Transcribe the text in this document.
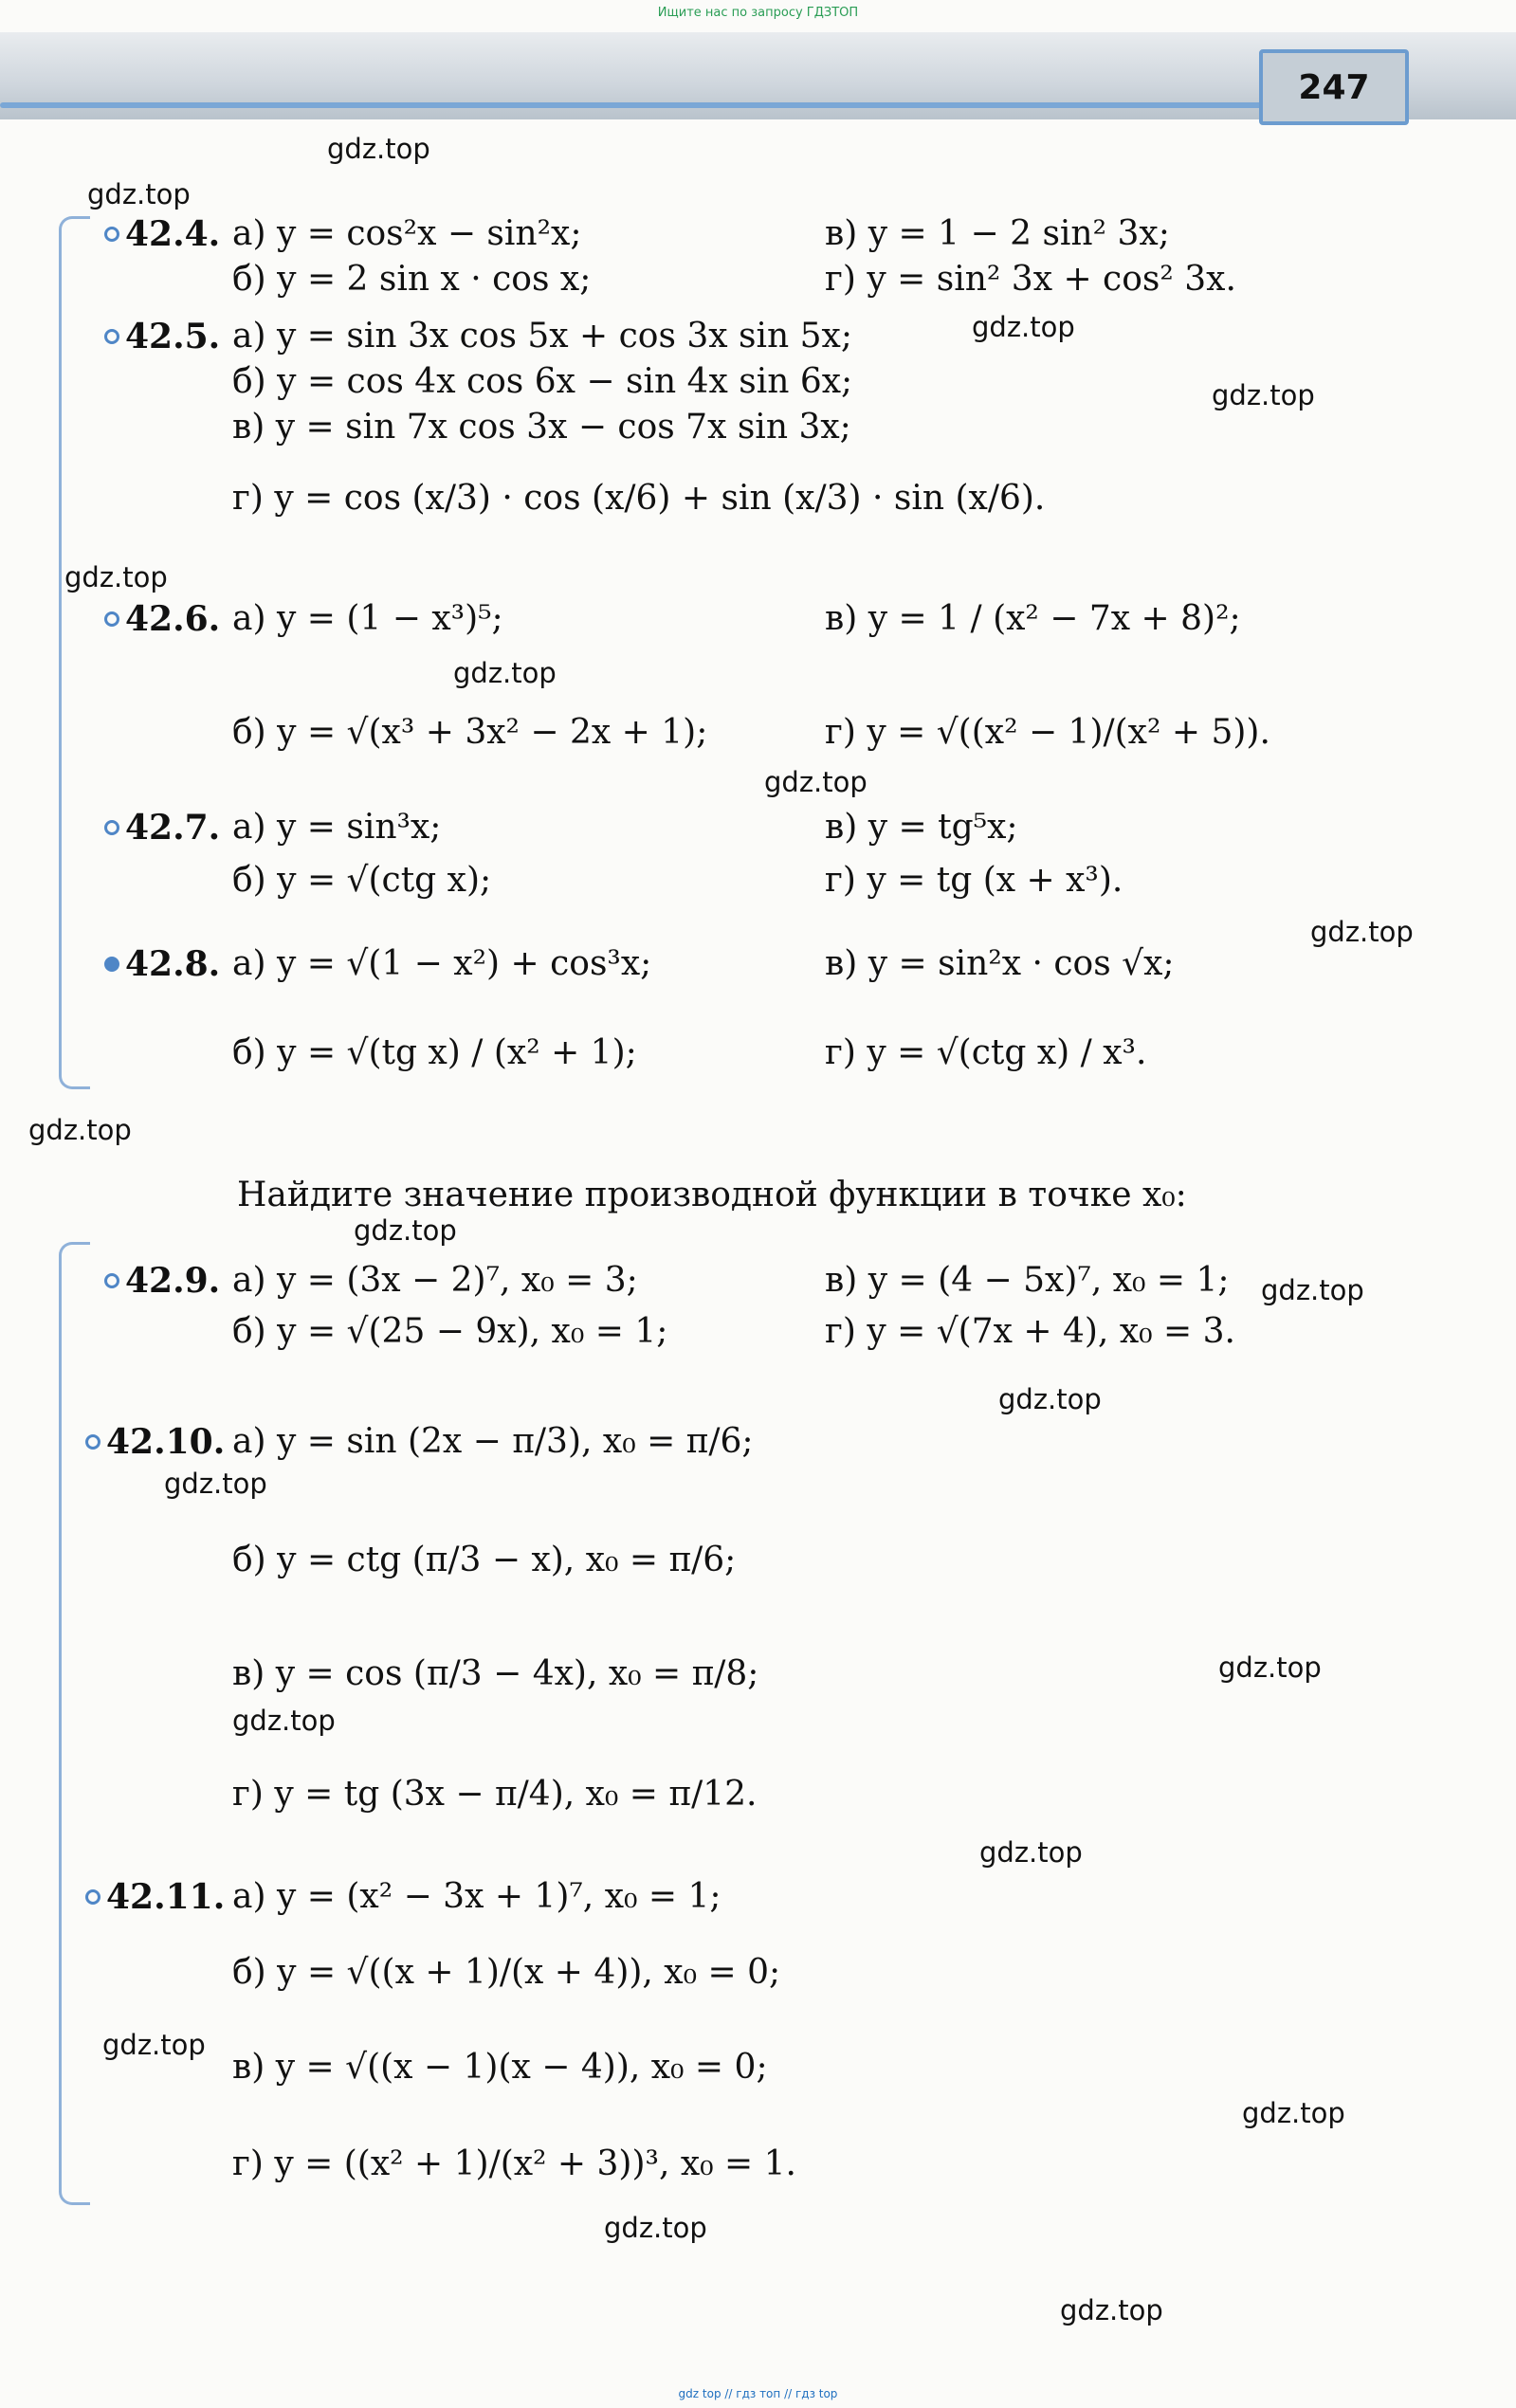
Ищите нас по запросу ГДЗТОП
247
gdz.top
gdz.top
gdz.top
gdz.top
gdz.top
gdz.top
gdz.top
gdz.top
gdz.top
gdz.top
gdz.top
gdz.top
gdz.top
gdz.top
gdz.top
gdz.top
gdz.top
gdz.top
gdz.top
gdz.top
42.4. а) y = cos²x − sin²x;	в) y = 1 − 2 sin² 3x;
б) y = 2 sin x · cos x;	г) y = sin² 3x + cos² 3x.
42.5. а) y = sin 3x cos 5x + cos 3x sin 5x;
б) y = cos 4x cos 6x − sin 4x sin 6x;
в) y = sin 7x cos 3x − cos 7x sin 3x;
г) y = cos (x/3) · cos (x/6) + sin (x/3) · sin (x/6).
42.6. а) y = (1 − x³)⁵;	в) y = 1 / (x² − 7x + 8)²;
б) y = √(x³ + 3x² − 2x + 1);	г) y = √((x² − 1)/(x² + 5)).
42.7. а) y = sin³x;	в) y = tg⁵x;
б) y = √(ctg x);	г) y = tg (x + x³).
42.8. а) y = √(1 − x²) + cos³x;	в) y = sin²x · cos √x;
б) y = √(tg x) / (x² + 1);	г) y = √(ctg x) / x³.
Найдите значение производной функции в точке x₀:
42.9. а) y = (3x − 2)⁷, x₀ = 3;	в) y = (4 − 5x)⁷, x₀ = 1;
б) y = √(25 − 9x), x₀ = 1;	г) y = √(7x + 4), x₀ = 3.
42.10. а) y = sin (2x − π/3), x₀ = π/6;
б) y = ctg (π/3 − x), x₀ = π/6;
в) y = cos (π/3 − 4x), x₀ = π/8;
г) y = tg (3x − π/4), x₀ = π/12.
42.11. а) y = (x² − 3x + 1)⁷, x₀ = 1;
б) y = √((x + 1)/(x + 4)), x₀ = 0;
в) y = √((x − 1)(x − 4)), x₀ = 0;
г) y = ((x² + 1)/(x² + 3))³, x₀ = 1.
gdz top // гдз топ // гдз top
